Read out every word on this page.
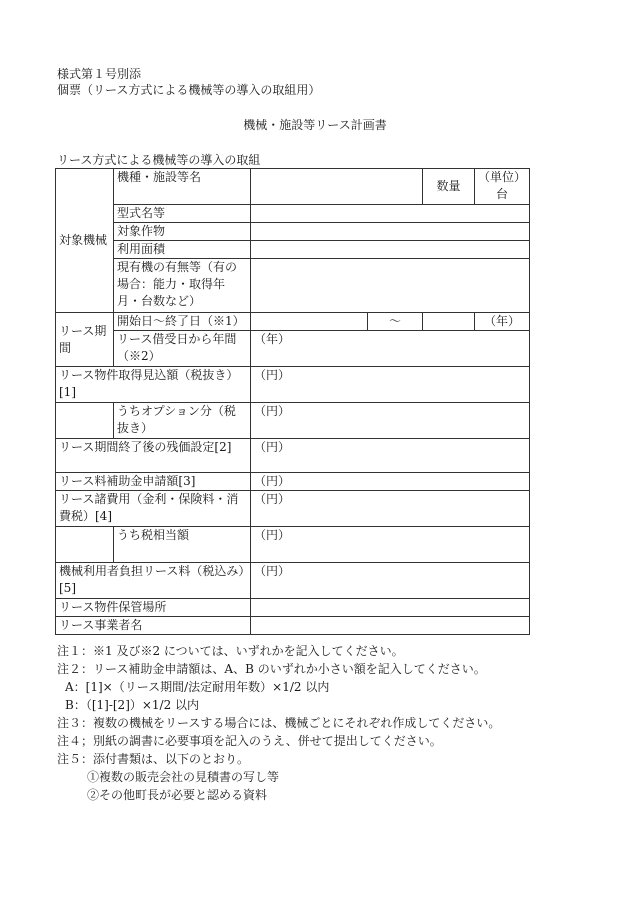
様式第１号別添
個票（リース方式による機械等の導入の取組用）
機械・施設等リース計画書
リース方式による機械等の導入の取組
対象機械	機種・施設等名			数量	（単位）台
	型式名等				
	対象作物				
	利用面積				
	現有機の有無等（有の場合：能力・取得年月・台数など）				
リース期間	開始日～終了日（※1）		～		（年）
	リース借受日から年間（※2）	（年）			
リース物件取得見込額（税抜き）[1]		（円）			
	うちオプション分（税抜き）	（円）			
リース期間終了後の残価設定[2]		（円）			
リース料補助金申請額[3]		（円）			
リース諸費用（金利・保険料・消費税）[4]		（円）			
	うち税相当額	（円）			
機械利用者負担リース料（税込み）[5]		（円）			
リース物件保管場所					
リース事業者名					
注１：※1 及び※2 については、いずれかを記入してください。
注２：リース補助金申請額は、A、B のいずれか小さい額を記入してください。
A：[1]×（リース期間/法定耐用年数）×1/2 以内
B：（[1]-[2]）×1/2 以内
注３：複数の機械をリースする場合には、機械ごとにそれぞれ作成してください。
注４；別紙の調書に必要事項を記入のうえ、併せて提出してください。
注５：添付書類は、以下のとおり。
①複数の販売会社の見積書の写し等
②その他町長が必要と認める資料
